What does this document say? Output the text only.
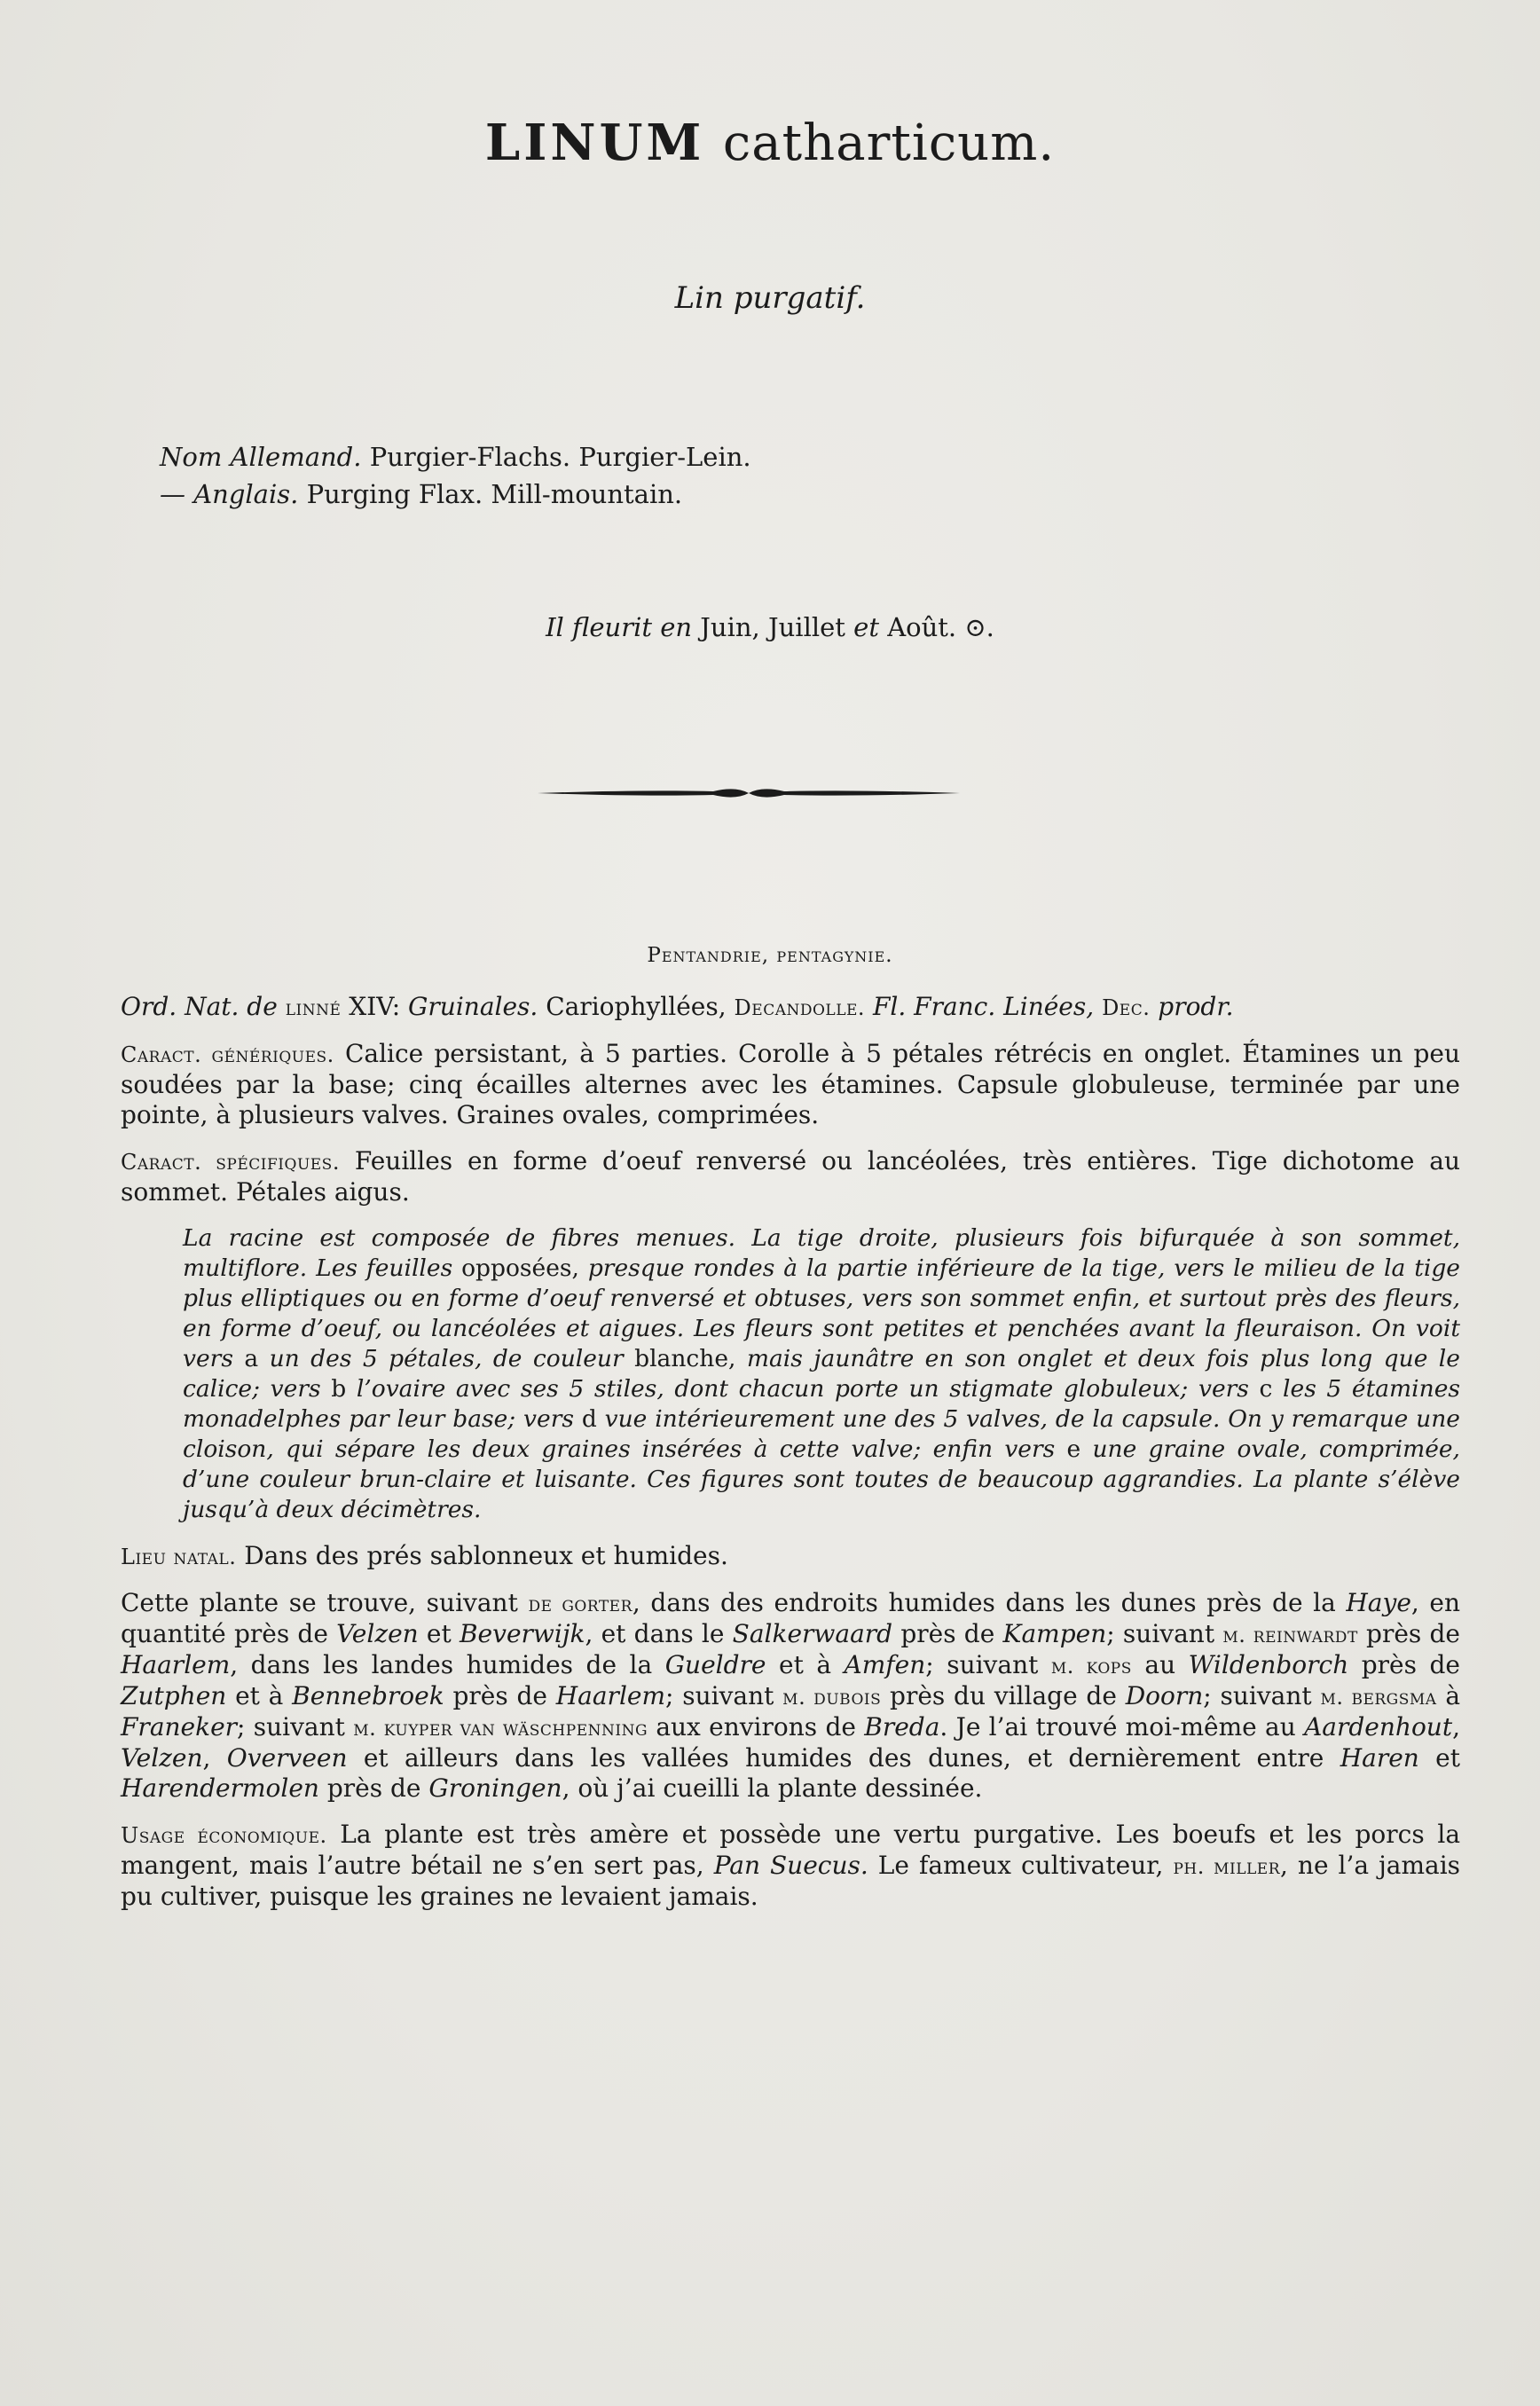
LINUM catharticum.
Lin purgatif.
Nom Allemand. Purgier-Flachs. Purgier-Lein.
— Anglais. Purging Flax. Mill-mountain.
Il fleurit en Juin, Juillet et Août. ⊙.
Pentandrie, pentagynie.

Ord. Nat. de linné XIV: Gruinales. Cariophyllées, Decandolle. Fl. Franc. Linées, Dec. prodr.

Caract. génériques. Calice persistant, à 5 parties. Corolle à 5 pétales rétrécis en onglet. Étamines un peu soudées par la base; cinq écailles alternes avec les étamines. Capsule globuleuse, terminée par une pointe, à plusieurs valves. Graines ovales, comprimées.

Caract. spécifiques. Feuilles en forme d’oeuf renversé ou lancéolées, très entières. Tige dichotome au sommet. Pétales aigus.

La racine est composée de fibres menues. La tige droite, plusieurs fois bifurquée à son sommet, multiflore. Les feuilles opposées, presque rondes à la partie inférieure de la tige, vers le milieu de la tige plus elliptiques ou en forme d’oeuf renversé et obtuses, vers son sommet enfin, et surtout près des fleurs, en forme d’oeuf, ou lancéolées et aigues. Les fleurs sont petites et penchées avant la fleuraison. On voit vers a un des 5 pétales, de couleur blanche, mais jaunâtre en son onglet et deux fois plus long que le calice; vers b l’ovaire avec ses 5 stiles, dont chacun porte un stigmate globuleux; vers c les 5 étamines monadelphes par leur base; vers d vue intérieurement une des 5 valves, de la capsule. On y remarque une cloison, qui sépare les deux graines insérées à cette valve; enfin vers e une graine ovale, comprimée, d’une couleur brun-claire et luisante. Ces figures sont toutes de beaucoup aggrandies. La plante s’élève jusqu’à deux décimètres.

Lieu natal. Dans des prés sablonneux et humides.

Cette plante se trouve, suivant de gorter, dans des endroits humides dans les dunes près de la Haye, en quantité près de Velzen et Beverwijk, et dans le Salkerwaard près de Kampen; suivant m. reinwardt près de Haarlem, dans les landes humides de la Gueldre et à Amfen; suivant m. kops au Wildenborch près de Zutphen et à Bennebroek près de Haarlem; suivant m. dubois près du village de Doorn; suivant m. bergsma à Franeker; suivant m. kuyper van wäschpenning aux environs de Breda. Je l’ai trouvé moi-même au Aardenhout, Velzen, Overveen et ailleurs dans les vallées humides des dunes, et dernièrement entre Haren et Harendermolen près de Groningen, où j’ai cueilli la plante dessinée.

Usage économique. La plante est très amère et possède une vertu purgative. Les boeufs et les porcs la mangent, mais l’autre bétail ne s’en sert pas, Pan Suecus. Le fameux cultivateur, ph. miller, ne l’a jamais pu cultiver, puisque les graines ne levaient jamais.
